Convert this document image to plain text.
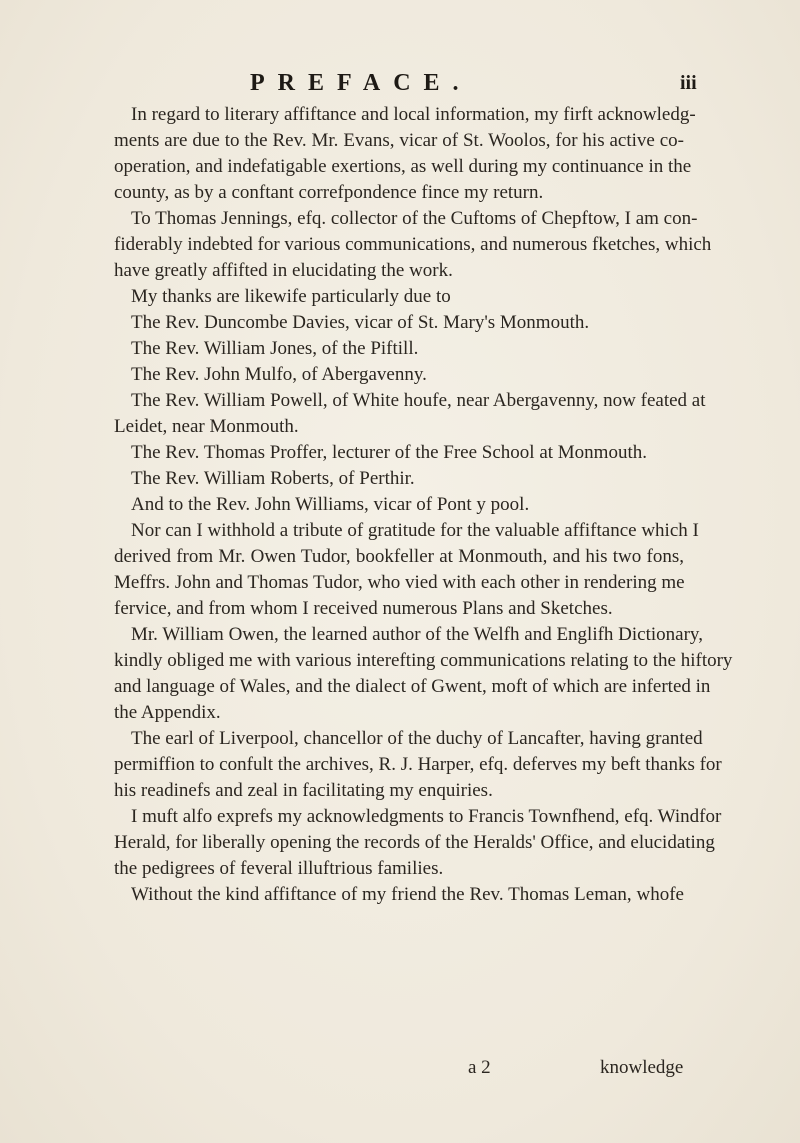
PREFACE.	iii
In regard to literary affiftance and local information, my firft acknowledg-
ments are due to the Rev. Mr. Evans, vicar of St. Woolos, for his active co-
operation, and indefatigable exertions, as well during my continuance in the
county, as by a conftant correfpondence fince my return.
To Thomas Jennings, efq. collector of the Cuftoms of Chepftow, I am con-
fiderably indebted for various communications, and numerous fketches, which
have greatly affifted in elucidating the work.
My thanks are likewife particularly due to
The Rev. Duncombe Davies, vicar of St. Mary's Monmouth.
The Rev. William Jones, of the Piftill.
The Rev. John Mulfo, of Abergavenny.
The Rev. William Powell, of White houfe, near Abergavenny, now feated at
Leidet, near Monmouth.
The Rev. Thomas Proffer, lecturer of the Free School at Monmouth.
The Rev. William Roberts, of Perthir.
And to the Rev. John Williams, vicar of Pont y pool.
Nor can I withhold a tribute of gratitude for the valuable affiftance which I
derived from Mr. Owen Tudor, bookfeller at Monmouth, and his two fons,
Meffrs. John and Thomas Tudor, who vied with each other in rendering me
fervice, and from whom I received numerous Plans and Sketches.
Mr. William Owen, the learned author of the Welfh and Englifh Dictionary,
kindly obliged me with various interefting communications relating to the hiftory
and language of Wales, and the dialect of Gwent, moft of which are inferted in
the Appendix.
The earl of Liverpool, chancellor of the duchy of Lancafter, having granted
permiffion to confult the archives, R. J. Harper, efq. deferves my beft thanks for
his readinefs and zeal in facilitating my enquiries.
I muft alfo exprefs my acknowledgments to Francis Townfhend, efq. Windfor
Herald, for liberally opening the records of the Heralds' Office, and elucidating
the pedigrees of feveral illuftrious families.
Without the kind affiftance of my friend the Rev. Thomas Leman, whofe
a 2	knowledge
